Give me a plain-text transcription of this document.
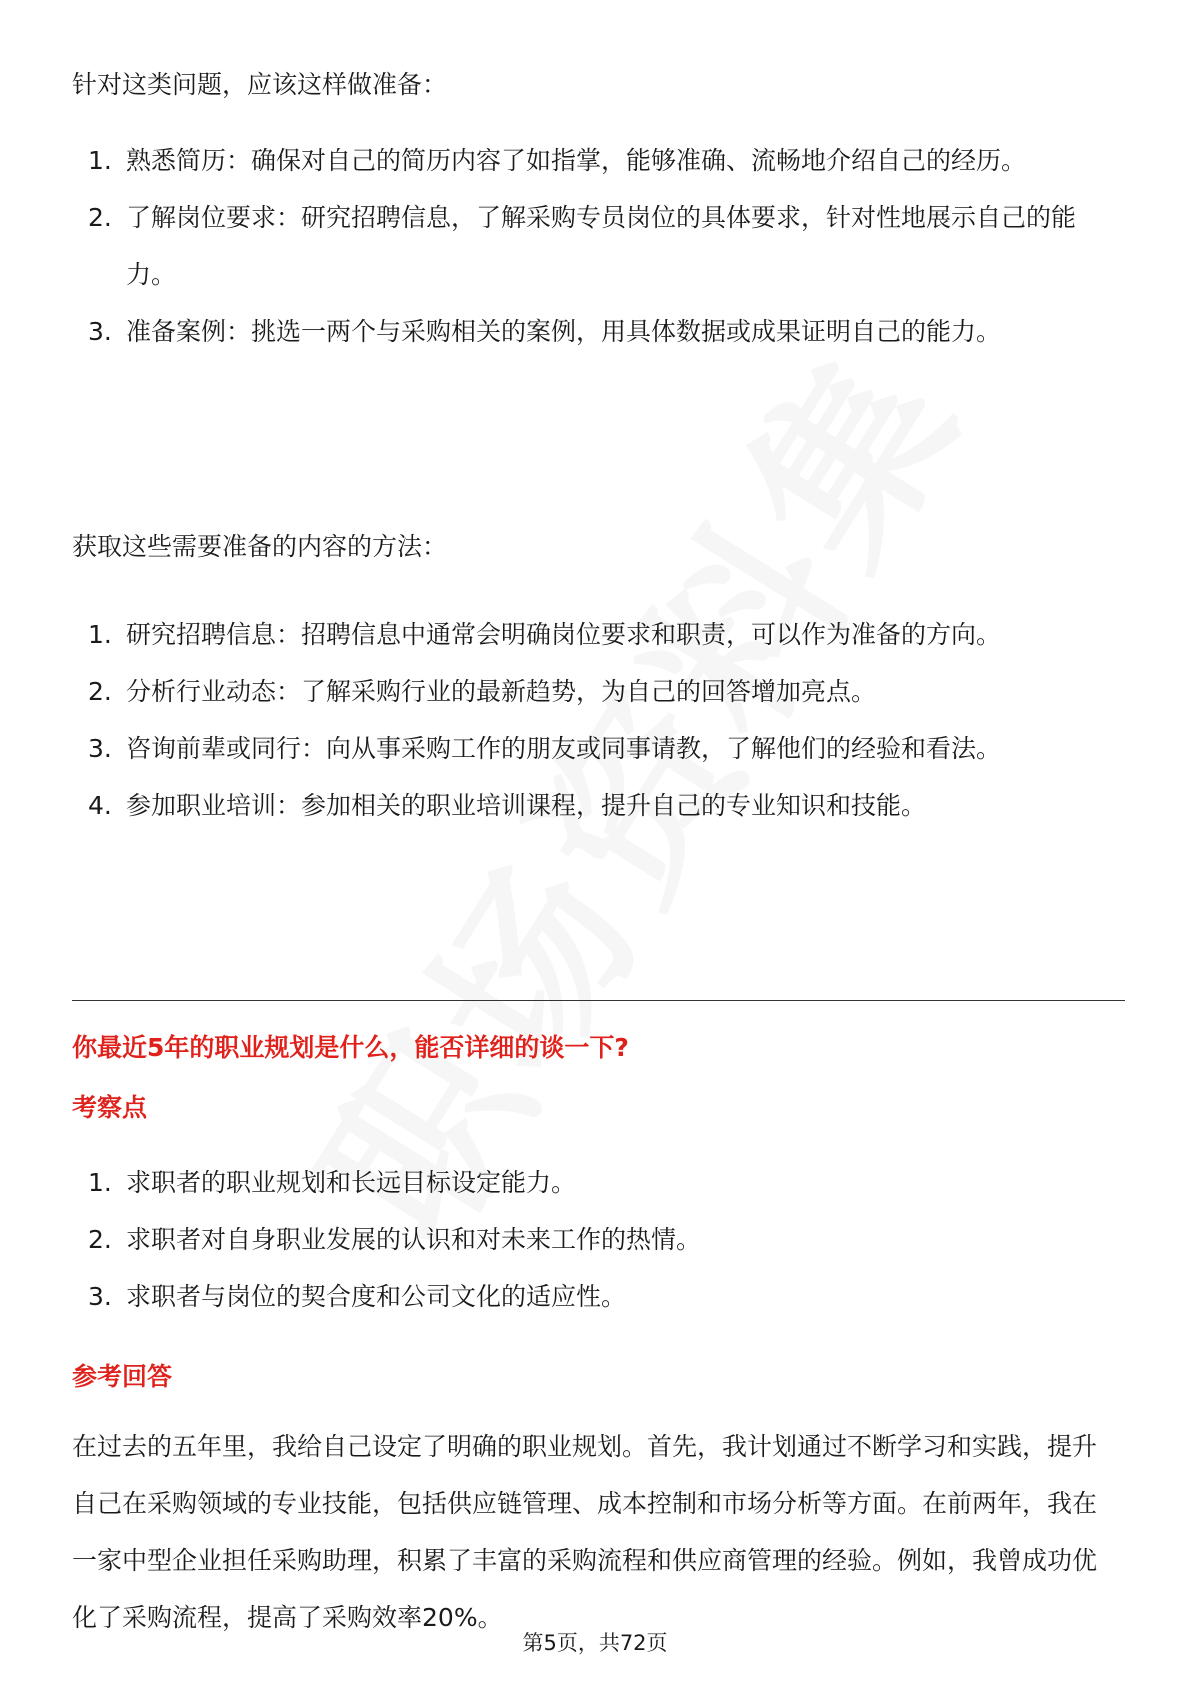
针对这类问题，应该这样做准备：

1. 熟悉简历：确保对自己的简历内容了如指掌，能够准确、流畅地介绍自己的经历。
2. 了解岗位要求：研究招聘信息，了解采购专员岗位的具体要求，针对性地展示自己的能力。
3. 准备案例：挑选一两个与采购相关的案例，用具体数据或成果证明自己的能力。

获取这些需要准备的内容的方法：

1. 研究招聘信息：招聘信息中通常会明确岗位要求和职责，可以作为准备的方向。
2. 分析行业动态：了解采购行业的最新趋势，为自己的回答增加亮点。
3. 咨询前辈或同行：向从事采购工作的朋友或同事请教，了解他们的经验和看法。
4. 参加职业培训：参加相关的职业培训课程，提升自己的专业知识和技能。
你最近5年的职业规划是什么，能否详细的谈一下?
考察点
1. 求职者的职业规划和长远目标设定能力。
2. 求职者对自身职业发展的认识和对未来工作的热情。
3. 求职者与岗位的契合度和公司文化的适应性。
参考回答

在过去的五年里，我给自己设定了明确的职业规划。首先，我计划通过不断学习和实践，提升自己在采购领域的专业技能，包括供应链管理、成本控制和市场分析等方面。在前两年，我在一家中型企业担任采购助理，积累了丰富的采购流程和供应商管理的经验。例如，我曾成功优化了采购流程，提高了采购效率20%。

第5页，共72页
